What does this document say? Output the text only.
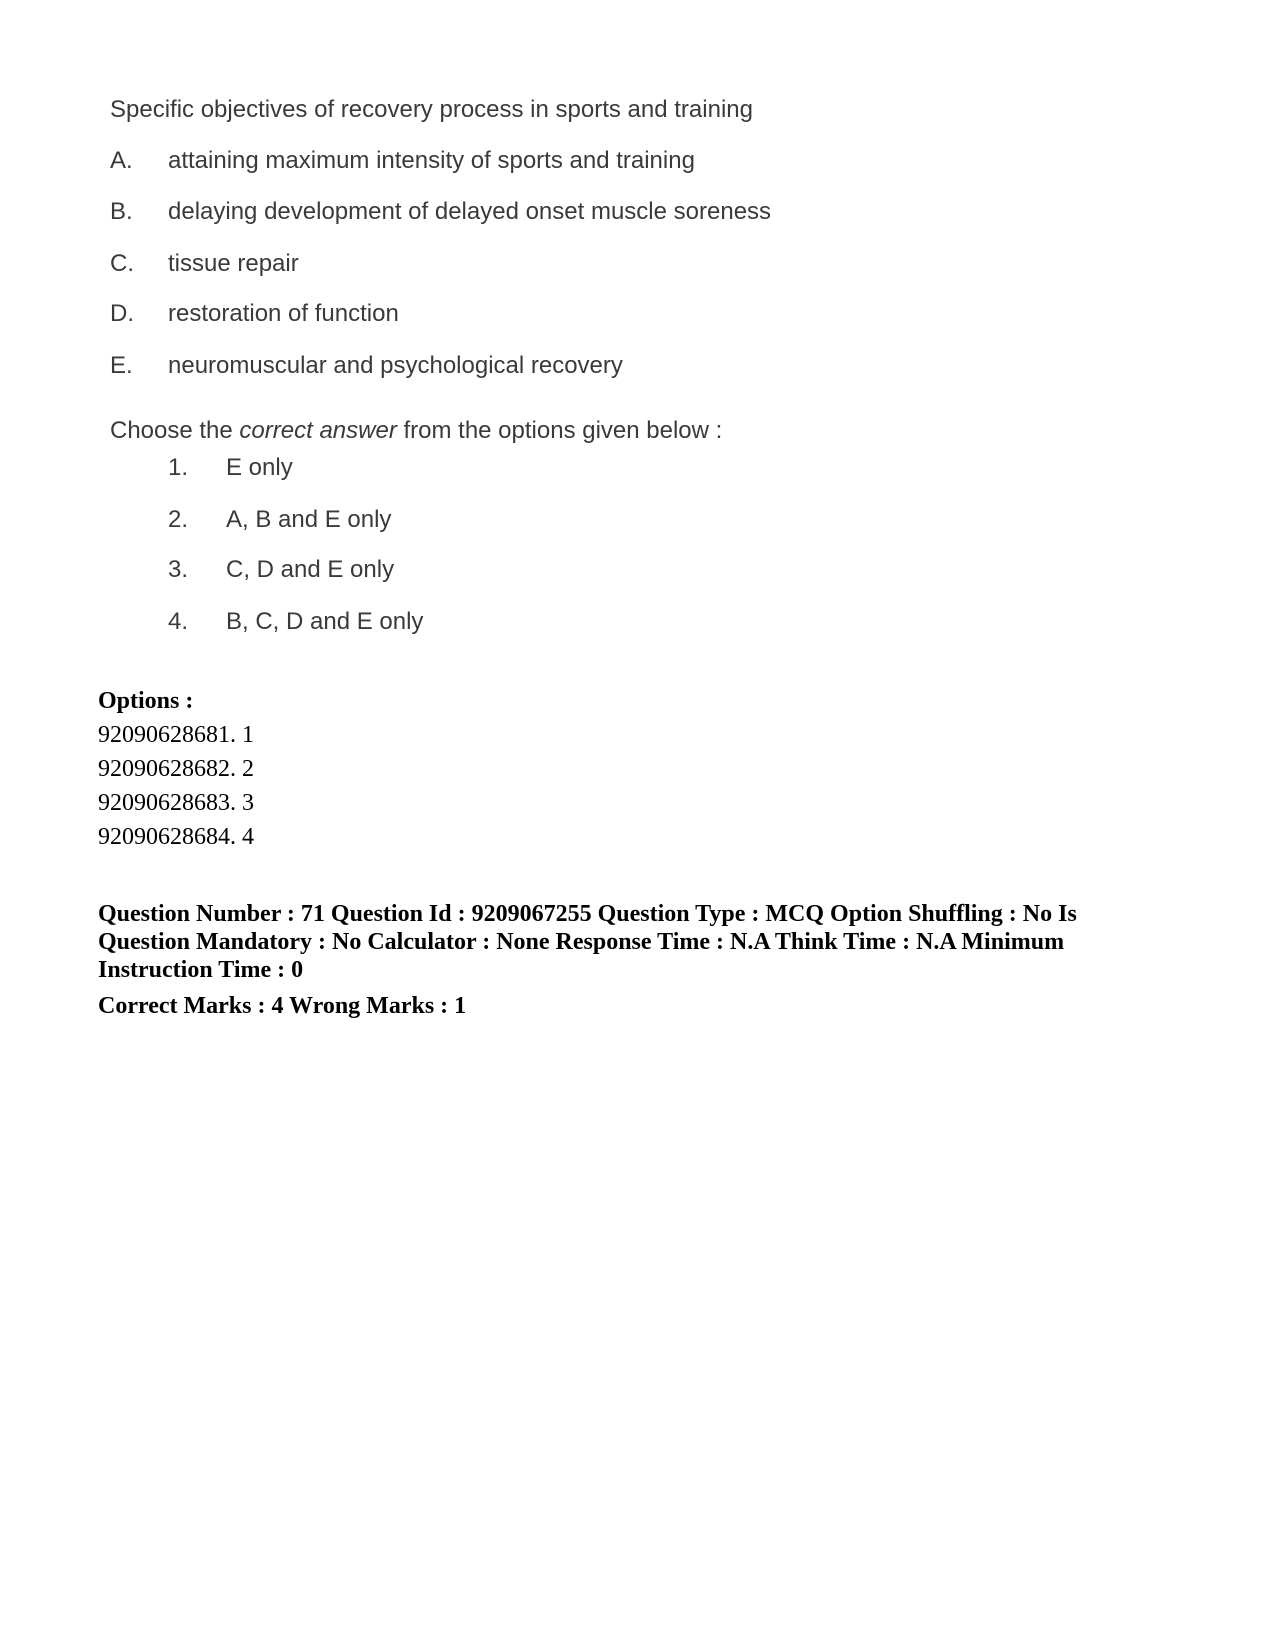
Specific objectives of recovery process in sports and training
A. attaining maximum intensity of sports and training
B. delaying development of delayed onset muscle soreness
C. tissue repair
D. restoration of function
E. neuromuscular and psychological recovery
Choose the correct answer from the options given below :
1. E only
2. A, B and E only
3. C, D and E only
4. B, C, D and E only
Options :
92090628681. 1
92090628682. 2
92090628683. 3
92090628684. 4
Question Number : 71 Question Id : 9209067255 Question Type : MCQ Option Shuffling : No Is Question Mandatory : No Calculator : None Response Time : N.A Think Time : N.A Minimum Instruction Time : 0
Correct Marks : 4 Wrong Marks : 1
